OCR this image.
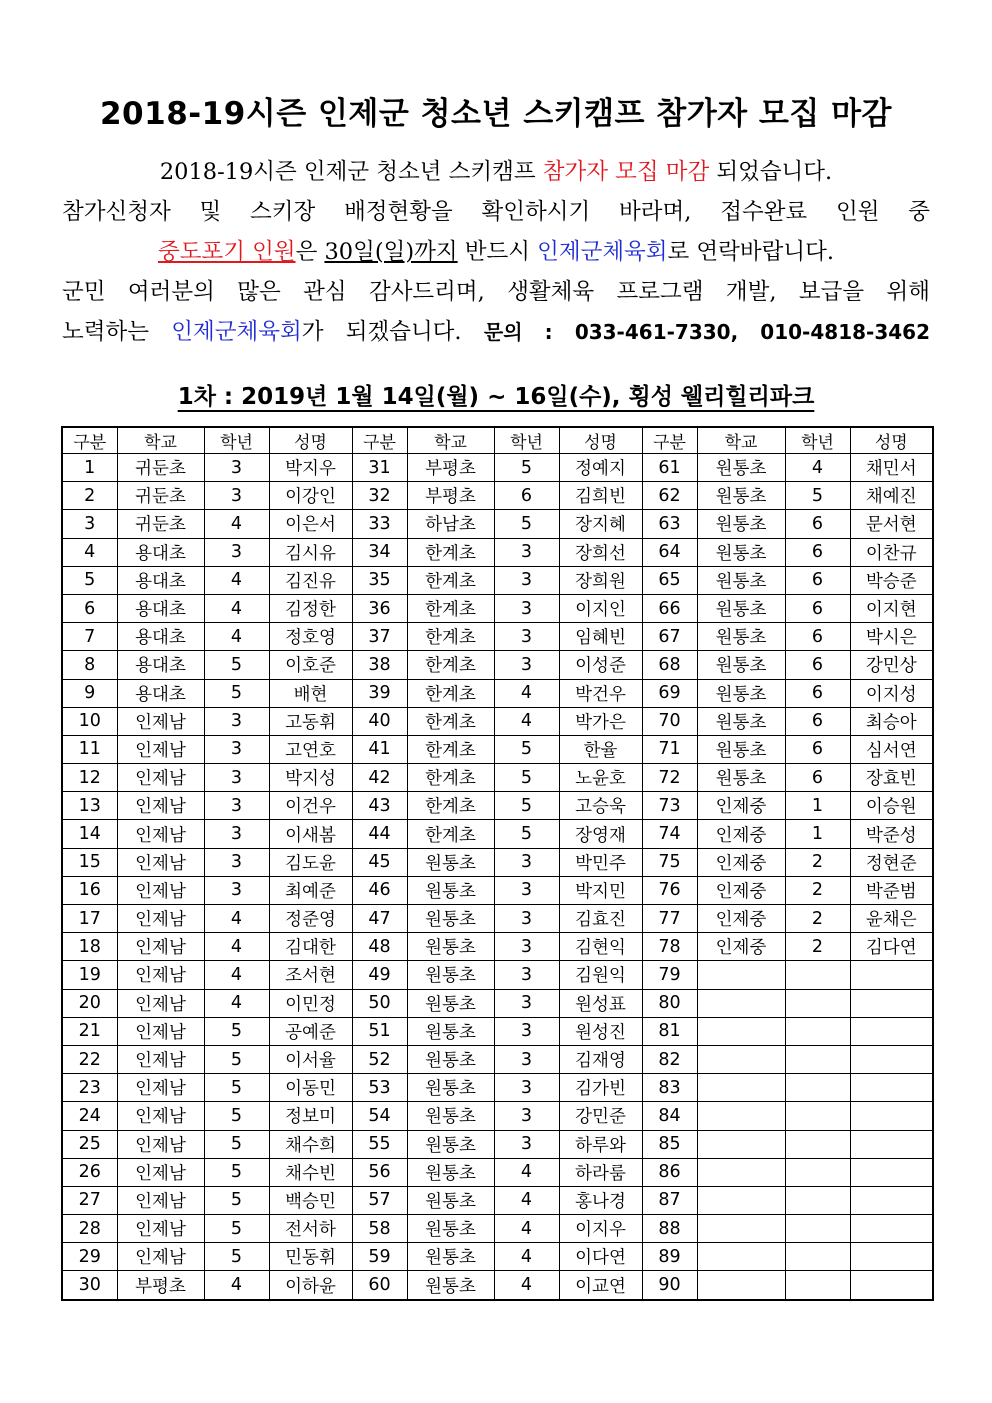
2018-19시즌 인제군 청소년 스키캠프 참가자 모집 마감
2018-19시즌 인제군 청소년 스키캠프 참가자 모집 마감 되었습니다.
참가신청자 및 스키장 배정현황을 확인하시기 바라며, 접수완료 인원 중
중도포기 인원은 30일(일)까지 반드시 인제군체육회로 연락바랍니다.
군민 여러분의 많은 관심 감사드리며, 생활체육 프로그램 개발, 보급을 위해
노력하는 인제군체육회가 되겠습니다. 문의 : 033-461-7330, 010-4818-3462
1차 : 2019년 1월 14일(월) ~ 16일(수), 횡성 웰리힐리파크
구분	학교	학년	성명	구분	학교	학년	성명	구분	학교	학년	성명
1	귀둔초	3	박지우	31	부평초	5	정예지	61	원통초	4	채민서
2	귀둔초	3	이강인	32	부평초	6	김희빈	62	원통초	5	채예진
3	귀둔초	4	이은서	33	하남초	5	장지혜	63	원통초	6	문서현
4	용대초	3	김시유	34	한계초	3	장희선	64	원통초	6	이찬규
5	용대초	4	김진유	35	한계초	3	장희원	65	원통초	6	박승준
6	용대초	4	김정한	36	한계초	3	이지인	66	원통초	6	이지현
7	용대초	4	정호영	37	한계초	3	임혜빈	67	원통초	6	박시은
8	용대초	5	이호준	38	한계초	3	이성준	68	원통초	6	강민상
9	용대초	5	배현	39	한계초	4	박건우	69	원통초	6	이지성
10	인제남	3	고동휘	40	한계초	4	박가은	70	원통초	6	최승아
11	인제남	3	고연호	41	한계초	5	한율	71	원통초	6	심서연
12	인제남	3	박지성	42	한계초	5	노윤호	72	원통초	6	장효빈
13	인제남	3	이건우	43	한계초	5	고승욱	73	인제중	1	이승원
14	인제남	3	이새봄	44	한계초	5	장영재	74	인제중	1	박준성
15	인제남	3	김도윤	45	원통초	3	박민주	75	인제중	2	정현준
16	인제남	3	최예준	46	원통초	3	박지민	76	인제중	2	박준범
17	인제남	4	정준영	47	원통초	3	김효진	77	인제중	2	윤채은
18	인제남	4	김대한	48	원통초	3	김현익	78	인제중	2	김다연
19	인제남	4	조서현	49	원통초	3	김원익	79			
20	인제남	4	이민정	50	원통초	3	원성표	80			
21	인제남	5	공예준	51	원통초	3	원성진	81			
22	인제남	5	이서율	52	원통초	3	김재영	82			
23	인제남	5	이동민	53	원통초	3	김가빈	83			
24	인제남	5	정보미	54	원통초	3	강민준	84			
25	인제남	5	채수희	55	원통초	3	하루와	85			
26	인제남	5	채수빈	56	원통초	4	하라룸	86			
27	인제남	5	백승민	57	원통초	4	홍나경	87			
28	인제남	5	전서하	58	원통초	4	이지우	88			
29	인제남	5	민동휘	59	원통초	4	이다연	89			
30	부평초	4	이하윤	60	원통초	4	이교연	90			
